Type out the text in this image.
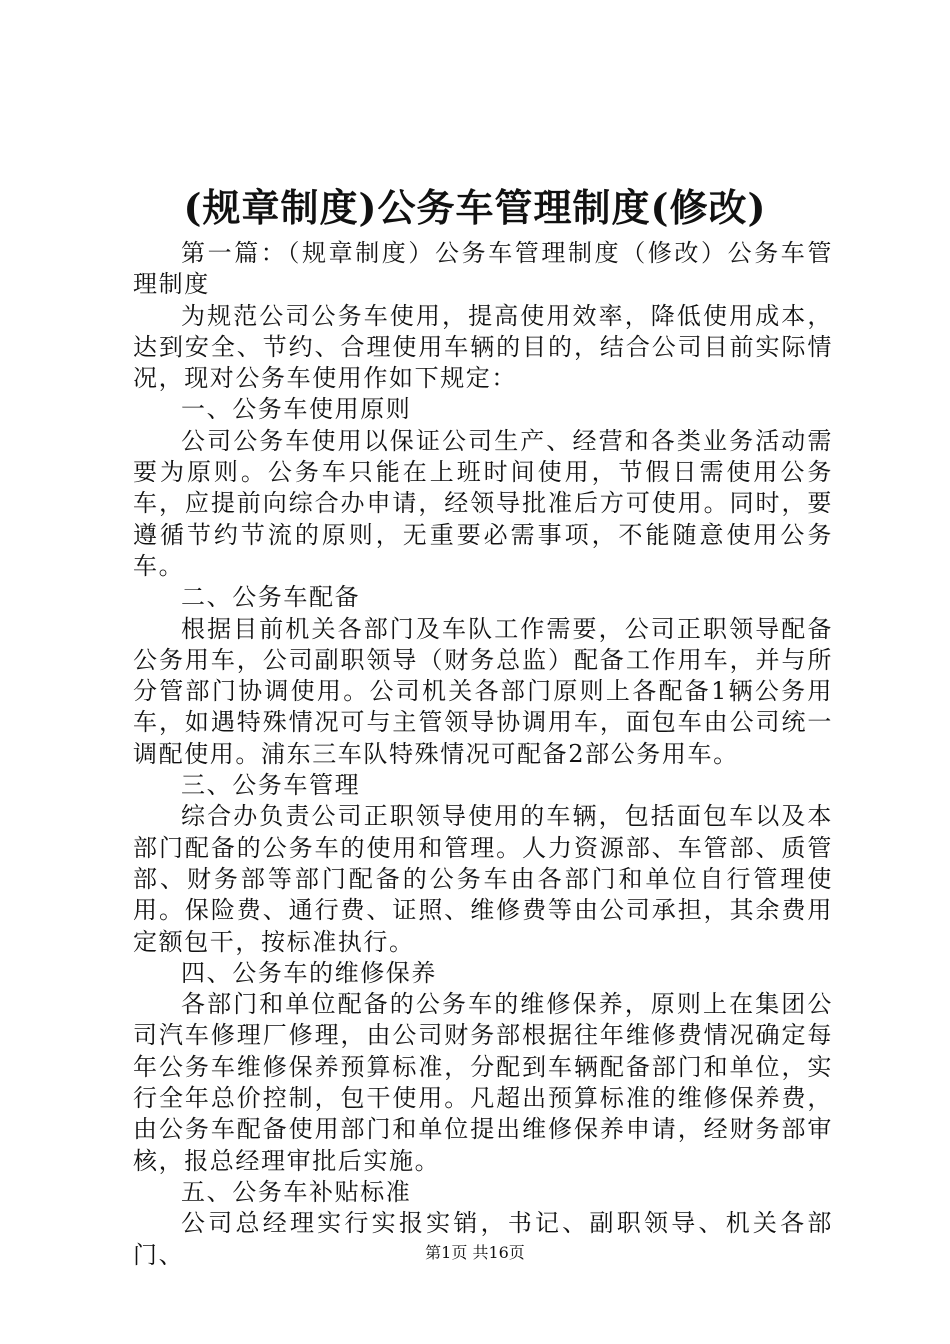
(规章制度)公务车管理制度(修改)

第一篇：（规章制度）公务车管理制度（修改）公务车管理制度

为规范公司公务车使用，提高使用效率，降低使用成本，达到安全、节约、合理使用车辆的目的，结合公司目前实际情况，现对公务车使用作如下规定：

一、公务车使用原则

公司公务车使用以保证公司生产、经营和各类业务活动需要为原则。公务车只能在上班时间使用，节假日需使用公务车，应提前向综合办申请，经领导批准后方可使用。同时，要遵循节约节流的原则，无重要必需事项，不能随意使用公务车。

二、公务车配备

根据目前机关各部门及车队工作需要，公司正职领导配备公务用车，公司副职领导（财务总监）配备工作用车，并与所分管部门协调使用。公司机关各部门原则上各配备1辆公务用车，如遇特殊情况可与主管领导协调用车，面包车由公司统一调配使用。浦东三车队特殊情况可配备2部公务用车。

三、公务车管理

综合办负责公司正职领导使用的车辆，包括面包车以及本部门配备的公务车的使用和管理。人力资源部、车管部、质管部、财务部等部门配备的公务车由各部门和单位自行管理使用。保险费、通行费、证照、维修费等由公司承担，其余费用定额包干，按标准执行。

四、公务车的维修保养

各部门和单位配备的公务车的维修保养，原则上在集团公司汽车修理厂修理，由公司财务部根据往年维修费情况确定每年公务车维修保养预算标准，分配到车辆配备部门和单位，实行全年总价控制，包干使用。凡超出预算标准的维修保养费，由公务车配备使用部门和单位提出维修保养申请，经财务部审核，报总经理审批后实施。

五、公务车补贴标准

公司总经理实行实报实销，书记、副职领导、机关各部门、	第1页 共16页
